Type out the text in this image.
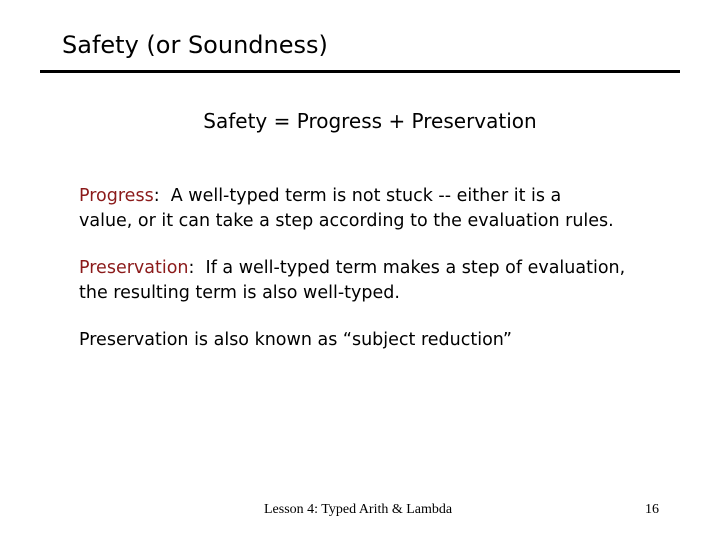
Safety (or Soundness)
Safety = Progress + Preservation
Progress:  A well-typed term is not stuck -- either it is a
value, or it can take a step according to the evaluation rules.
Preservation:  If a well-typed term makes a step of evaluation,
the resulting term is also well-typed.
Preservation is also known as “subject reduction”
Lesson 4: Typed Arith & Lambda	16
